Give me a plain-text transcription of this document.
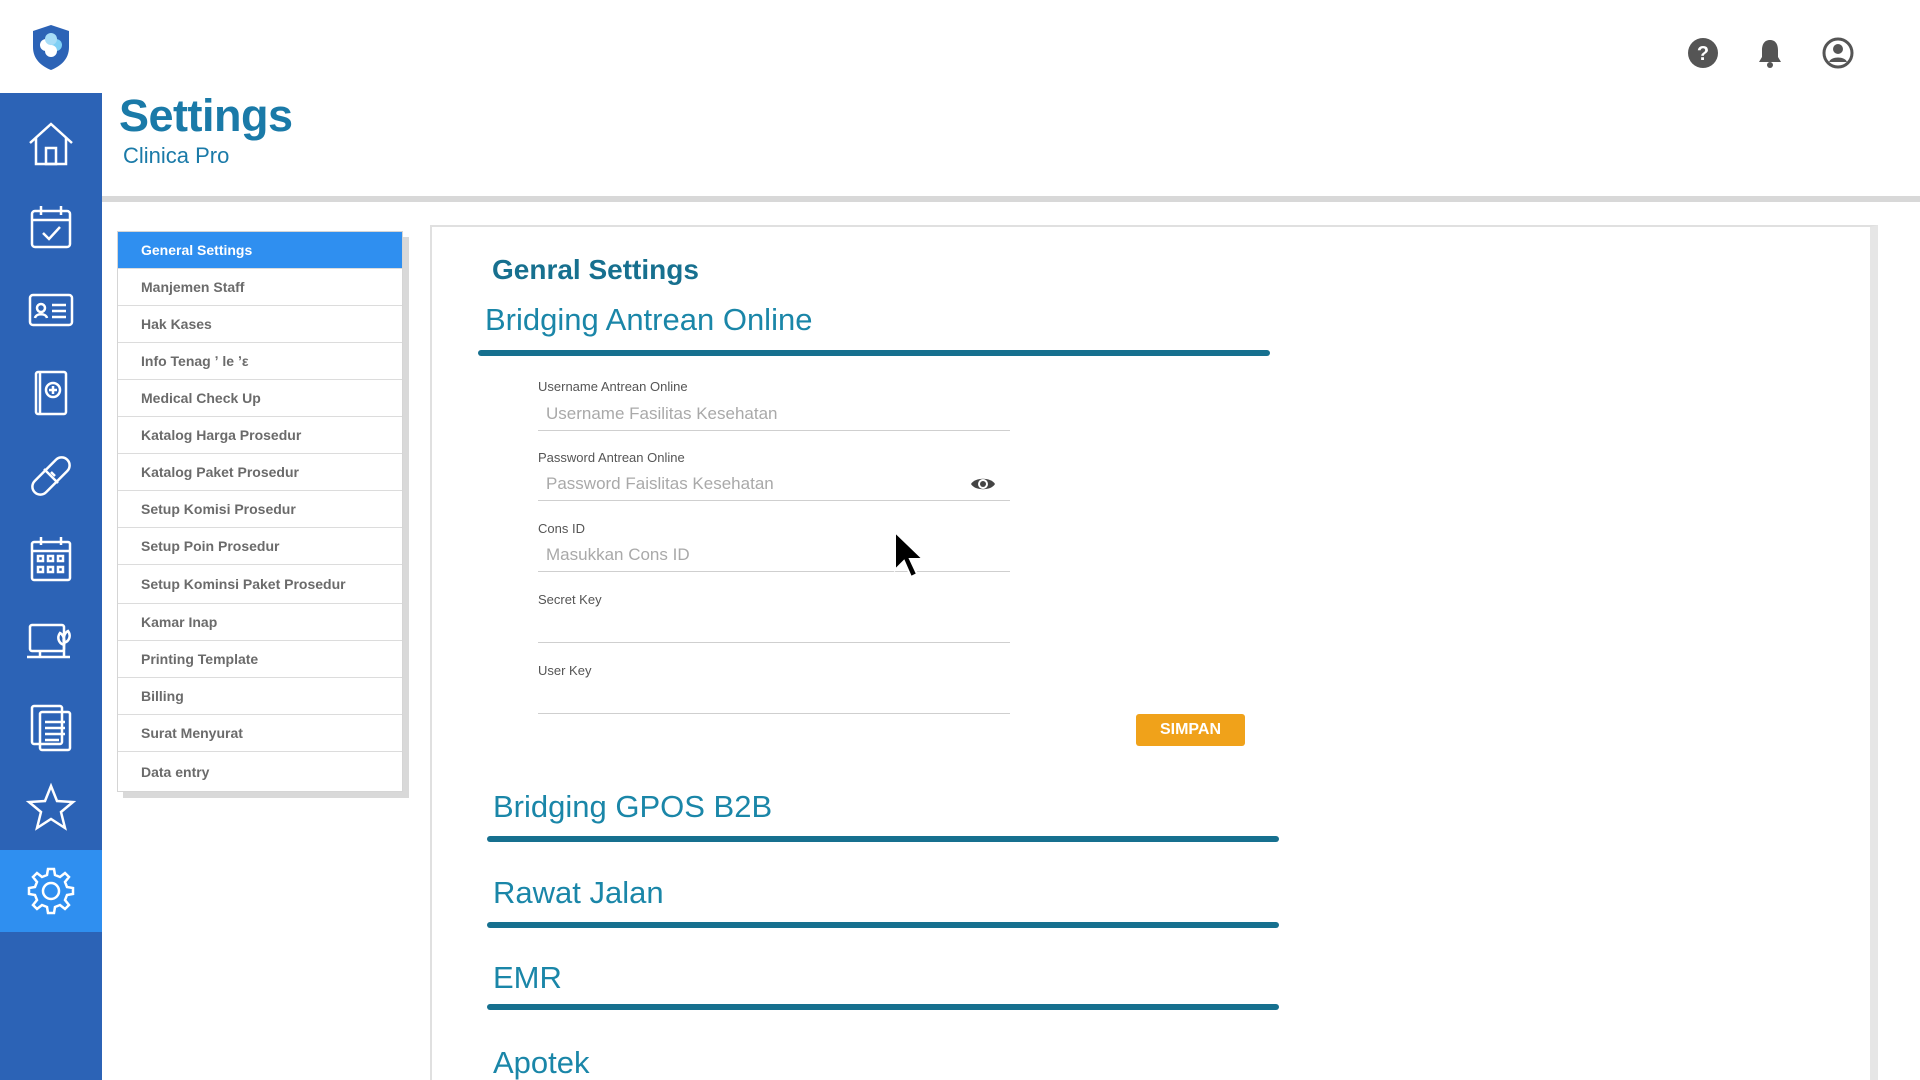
?
Settings
Clinica Pro
General Settings
Manjemen Staff
Hak Kases
Info Tenag ʼ le ʼε
Medical Check Up
Katalog Harga Prosedur
Katalog Paket Prosedur
Setup Komisi Prosedur
Setup Poin Prosedur
Setup Kominsi Paket Prosedur
Kamar Inap
Printing Template
Billing
Surat Menyurat
Data entry
Genral Settings
Bridging Antrean Online
Username Antrean Online
Username Fasilitas Kesehatan
Password Antrean Online
Cons ID
Masukkan Cons ID
Secret Key
User Key
SIMPAN
Bridging GPOS B2B
Rawat Jalan
EMR
Apotek
